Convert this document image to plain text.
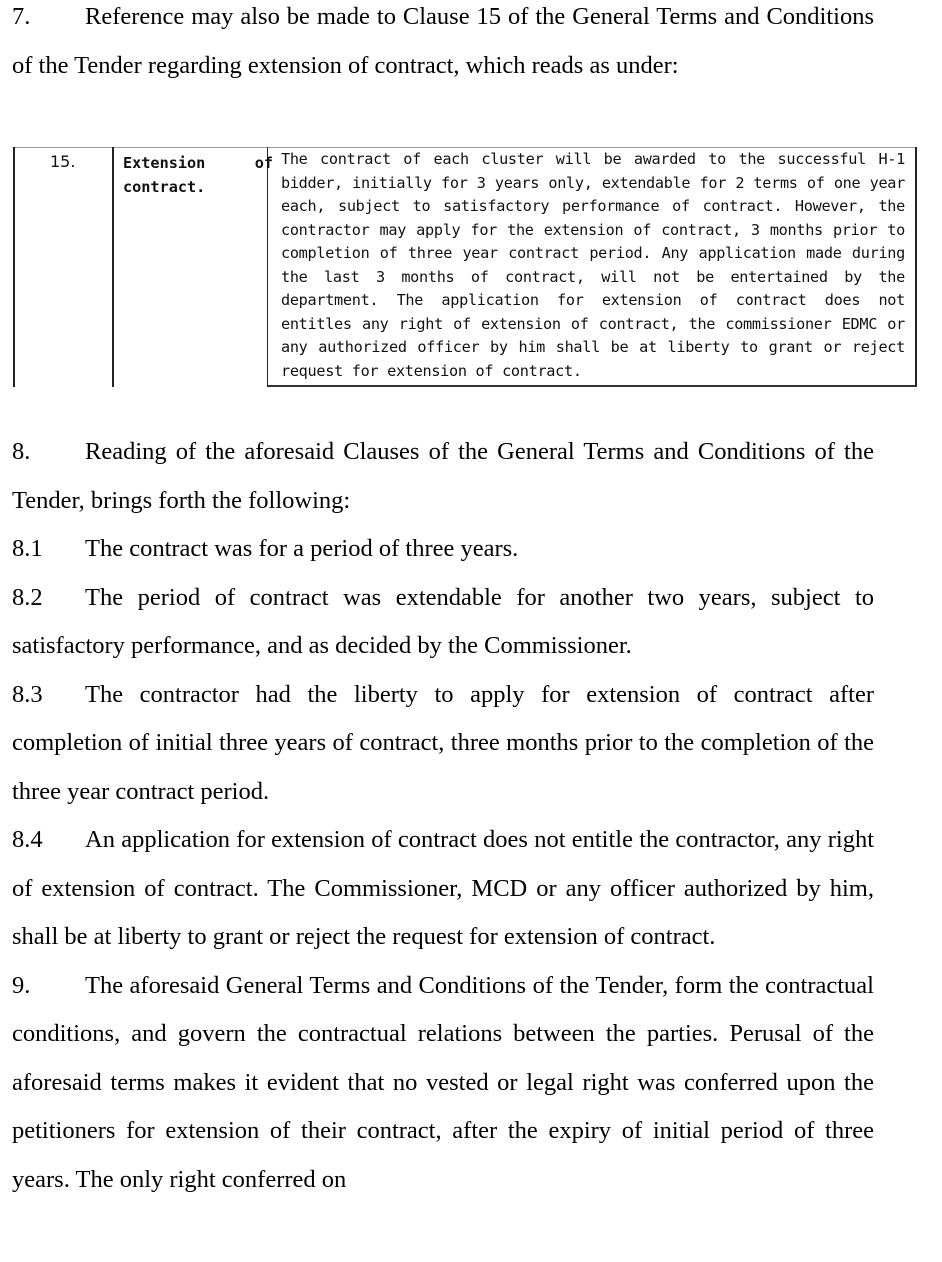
7. Reference may also be made to Clause 15 of the General Terms and Conditions of the Tender regarding extension of contract, which reads as under:

15.	Extension	of

contract.
The contract of each cluster will be awarded to the successful H-1 bidder, initially for 3 years only, extendable for 2 terms of one year each, subject to satisfactory performance of contract. However, the contractor may apply for the extension of contract, 3 months prior to completion of three year contract period. Any application made during the last 3 months of contract, will not be entertained by the department. The application for extension of contract does not entitles any right of extension of contract, the commissioner EDMC or any authorized officer by him shall be at liberty to grant or reject request for extension of contract.

8. Reading of the aforesaid Clauses of the General Terms and Conditions of the Tender, brings forth the following:

8.1 The contract was for a period of three years.

8.2 The period of contract was extendable for another two years, subject to satisfactory performance, and as decided by the Commissioner.

8.3 The contractor had the liberty to apply for extension of contract after completion of initial three years of contract, three months prior to the completion of the three year contract period.

8.4 An application for extension of contract does not entitle the contractor, any right of extension of contract. The Commissioner, MCD or any officer authorized by him, shall be at liberty to grant or reject the request for extension of contract.

9. The aforesaid General Terms and Conditions of the Tender, form the contractual conditions, and govern the contractual relations between the parties. Perusal of the aforesaid terms makes it evident that no vested or legal right was conferred upon the petitioners for extension of their contract, after the expiry of initial period of three years. The only right conferred on
